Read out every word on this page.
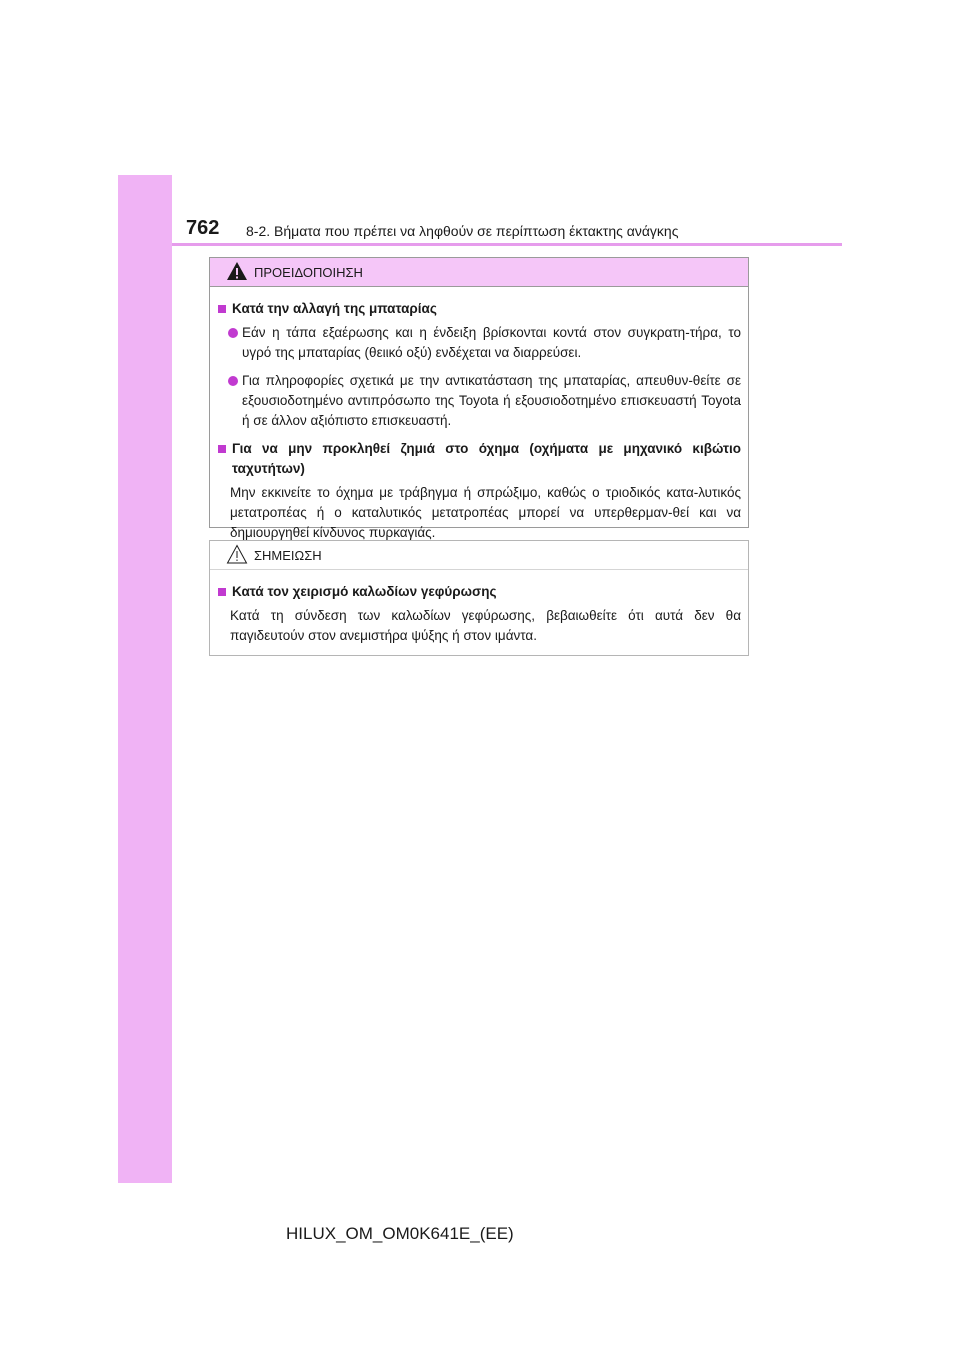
762 8-2. Βήματα που πρέπει να ληφθούν σε περίπτωση έκτακτης ανάγκης
ΠΡΟΕΙΔΟΠΟΙΗΣΗ
Κατά την αλλαγή της μπαταρίας
Εάν η τάπα εξαέρωσης και η ένδειξη βρίσκονται κοντά στον συγκρατη-τήρα, το υγρό της μπαταρίας (θειικό οξύ) ενδέχεται να διαρρεύσει.
Για πληροφορίες σχετικά με την αντικατάσταση της μπαταρίας, απευθυν-θείτε σε εξουσιοδοτημένο αντιπρόσωπο της Toyota ή εξουσιοδοτημένο επισκευαστή Toyota ή σε άλλον αξιόπιστο επισκευαστή.
Για να μην προκληθεί ζημιά στο όχημα (οχήματα με μηχανικό κιβώτιο ταχυτήτων)
Μην εκκινείτε το όχημα με τράβηγμα ή σπρώξιμο, καθώς ο τριοδικός κατα-λυτικός μετατροπέας ή ο καταλυτικός μετατροπέας μπορεί να υπερθερμαν-θεί και να δημιουργηθεί κίνδυνος πυρκαγιάς.
ΣΗΜΕΙΩΣΗ
Κατά τον χειρισμό καλωδίων γεφύρωσης
Κατά τη σύνδεση των καλωδίων γεφύρωσης, βεβαιωθείτε ότι αυτά δεν θα παγιδευτούν στον ανεμιστήρα ψύξης ή στον ιμάντα.
HILUX_OM_OM0K641E_(EE)
